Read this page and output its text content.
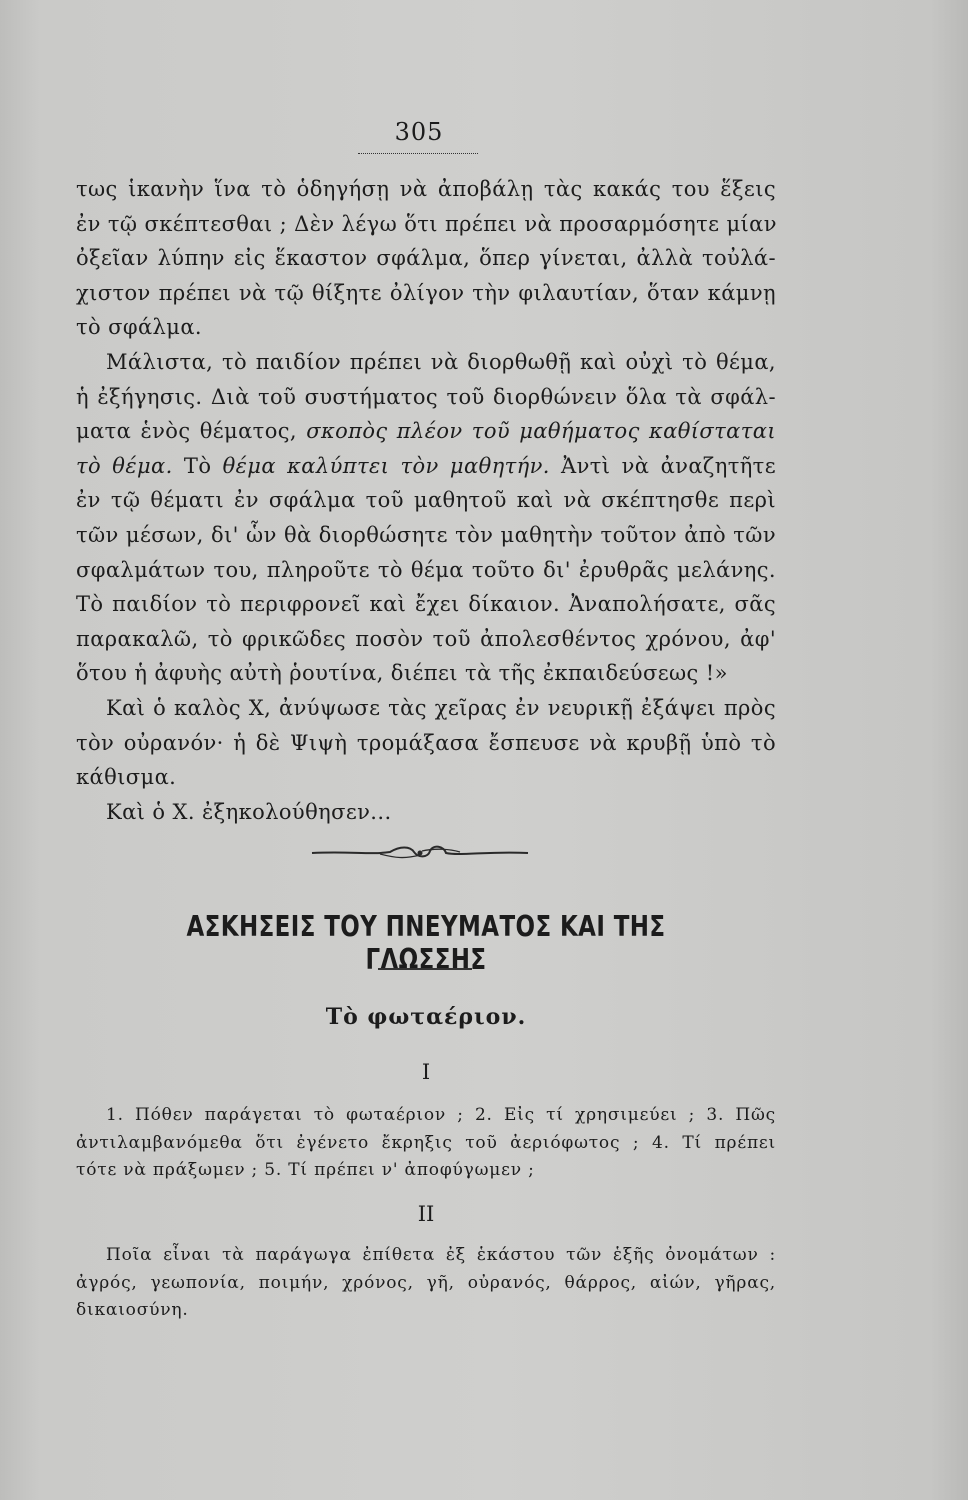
305
τως ἱκανὴν ἵνα τὸ ὁδηγήσῃ νὰ ἀποβάλῃ τὰς κακάς του ἕξεις
ἐν τῷ σκέπτεσθαι ; Δὲν λέγω ὅτι πρέπει νὰ προσαρμόσητε μίαν
ὀξεῖαν λύπην εἰς ἕκαστον σφάλμα, ὅπερ γίνεται, ἀλλὰ τοὐλά-
χιστον πρέπει νὰ τῷ θίξητε ὀλίγον τὴν φιλαυτίαν, ὅταν κάμνῃ
τὸ σφάλμα.
Μάλιστα, τὸ παιδίον πρέπει νὰ διορθωθῇ καὶ οὐχὶ τὸ θέμα,
ἡ ἐξήγησις. Διὰ τοῦ συστήματος τοῦ διορθώνειν ὅλα τὰ σφάλ-
ματα ἑνὸς θέματος, σκοπὸς πλέον τοῦ μαθήματος καθίσταται
τὸ θέμα. Τὸ θέμα καλύπτει τὸν μαθητήν. Ἀντὶ νὰ ἀναζητῆτε
ἐν τῷ θέματι ἐν σφάλμα τοῦ μαθητοῦ καὶ νὰ σκέπτησθε περὶ
τῶν μέσων, δι' ὧν θὰ διορθώσητε τὸν μαθητὴν τοῦτον ἀπὸ τῶν
σφαλμάτων του, πληροῦτε τὸ θέμα τοῦτο δι' ἐρυθρᾶς μελάνης.
Τὸ παιδίον τὸ περιφρονεῖ καὶ ἔχει δίκαιον. Ἀναπολήσατε, σᾶς
παρακαλῶ, τὸ φρικῶδες ποσὸν τοῦ ἀπολεσθέντος χρόνου, ἀφ'
ὅτου ἡ ἀφυὴς αὐτὴ ῥουτίνα, διέπει τὰ τῆς ἐκπαιδεύσεως !»
Καὶ ὁ καλὸς Χ, ἀνύψωσε τὰς χεῖρας ἐν νευρικῇ ἐξάψει πρὸς
τὸν οὐρανόν· ἡ δὲ Ψιψὴ τρομάξασα ἔσπευσε νὰ κρυβῇ ὑπὸ τὸ
κάθισμα.
Καὶ ὁ Χ. ἐξηκολούθησεν...
ΑΣΚΗΣΕΙΣ ΤΟΥ ΠΝΕΥΜΑΤΟΣ ΚΑΙ ΤΗΣ ΓΛΩΣΣΗΣ
Τὸ φωταέριον.
I
1. Πόθεν παράγεται τὸ φωταέριον ; 2. Εἰς τί χρησιμεύει ; 3. Πῶς
ἀντιλαμβανόμεθα ὅτι ἐγένετο ἔκρηξις τοῦ ἀεριόφωτος ; 4. Τί πρέπει
τότε νὰ πράξωμεν ; 5. Τί πρέπει ν' ἀποφύγωμεν ;
II
Ποῖα εἶναι τὰ παράγωγα ἐπίθετα ἐξ ἑκάστου τῶν ἑξῆς ὀνομάτων :
ἀγρός, γεωπονία, ποιμήν, χρόνος, γῆ, οὐρανός, θάρρος, αἰών, γῆρας,
δικαιοσύνη.
